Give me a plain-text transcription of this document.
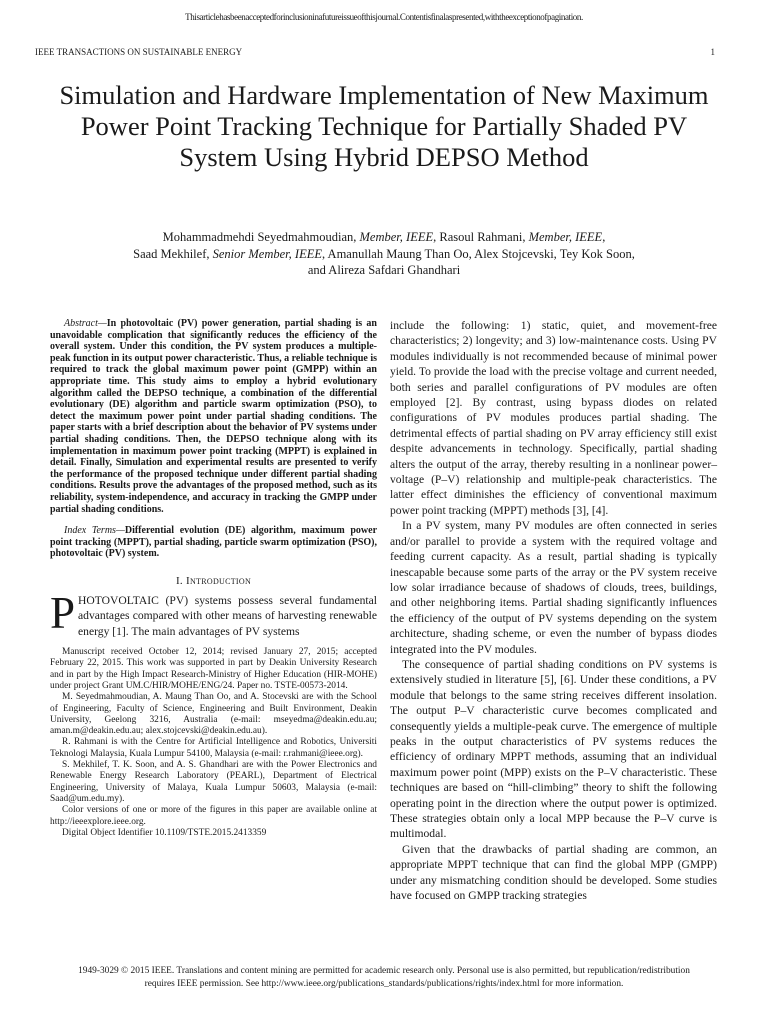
Thisarticlehasbeenacceptedforinclusioninafutureissueofthisjournal.Contentisfinalaspresented,withtheexceptionofpagination.
IEEE TRANSACTIONS ON SUSTAINABLE ENERGY	1
Simulation and Hardware Implementation of New Maximum Power Point Tracking Technique for Partially Shaded PV System Using Hybrid DEPSO Method
Mohammadmehdi Seyedmahmoudian, Member, IEEE, Rasoul Rahmani, Member, IEEE,
Saad Mekhilef, Senior Member, IEEE, Amanullah Maung Than Oo, Alex Stojcevski, Tey Kok Soon,
and Alireza Safdari Ghandhari

Abstract—In photovoltaic (PV) power generation, partial shading is an unavoidable complication that significantly reduces the efficiency of the overall system. Under this condition, the PV system produces a multiple-peak function in its output power characteristic. Thus, a reliable technique is required to track the global maximum power point (GMPP) within an appropriate time. This study aims to employ a hybrid evolutionary algorithm called the DEPSO technique, a combination of the differential evolutionary (DE) algorithm and particle swarm optimization (PSO), to detect the maximum power point under partial shading conditions. The paper starts with a brief description about the behavior of PV systems under partial shading conditions. Then, the DEPSO technique along with its implementation in maximum power point tracking (MPPT) is explained in detail. Finally, Simulation and experimental results are presented to verify the performance of the proposed technique under different partial shading conditions. Results prove the advantages of the proposed method, such as its reliability, system-independence, and accuracy in tracking the GMPP under partial shading conditions.

Index Terms—Differential evolution (DE) algorithm, maximum power point tracking (MPPT), partial shading, particle swarm optimization (PSO), photovoltaic (PV) system.

I. Introduction

PHOTOVOLTAIC (PV) systems possess several fundamental advantages compared with other means of harvesting renewable energy [1]. The main advantages of PV systems

Manuscript received October 12, 2014; revised January 27, 2015; accepted February 22, 2015. This work was supported in part by Deakin University Research and in part by the High Impact Research-Ministry of Higher Education (HIR-MOHE) under project Grant UM.C/HIR/MOHE/ENG/24. Paper no. TSTE-00573-2014.

M. Seyedmahmoudian, A. Maung Than Oo, and A. Stocevski are with the School of Engineering, Faculty of Science, Engineering and Built Environment, Deakin University, Geelong 3216, Australia (e-mail: mseyedma@deakin.edu.au; aman.m@deakin.edu.au; alex.stojcevski@deakin.edu.au).

R. Rahmani is with the Centre for Artificial Intelligence and Robotics, Universiti Teknologi Malaysia, Kuala Lumpur 54100, Malaysia (e-mail: r.rahmani@ieee.org).

S. Mekhilef, T. K. Soon, and A. S. Ghandhari are with the Power Electronics and Renewable Energy Research Laboratory (PEARL), Department of Electrical Engineering, University of Malaya, Kuala Lumpur 50603, Malaysia (e-mail: Saad@um.edu.my).

Color versions of one or more of the figures in this paper are available online at http://ieeexplore.ieee.org.

Digital Object Identifier 10.1109/TSTE.2015.2413359

include the following: 1) static, quiet, and movement-free characteristics; 2) longevity; and 3) low-maintenance costs. Using PV modules individually is not recommended because of minimal power yield. To provide the load with the precise voltage and current needed, both series and parallel configurations of PV modules are often employed [2]. By contrast, using bypass diodes on related configurations of PV modules produces partial shading. The detrimental effects of partial shading on PV array efficiency still exist despite advancements in technology. Specifically, partial shading alters the output of the array, thereby resulting in a nonlinear power–voltage (P–V) relationship and multiple-peak characteristics. The latter effect diminishes the efficiency of conventional maximum power point tracking (MPPT) methods [3], [4].

In a PV system, many PV modules are often connected in series and/or parallel to provide a system with the required voltage and feeding current capacity. As a result, partial shading is typically inescapable because some parts of the array or the PV system receive low solar irradiance because of shadows of clouds, trees, buildings, and other neighboring items. Partial shading significantly influences the efficiency of the output of PV systems depending on the system architecture, shading scheme, or even the number of bypass diodes integrated into the PV modules.

The consequence of partial shading conditions on PV systems is extensively studied in literature [5], [6]. Under these conditions, a PV module that belongs to the same string receives different insolation. The output P–V characteristic curve becomes complicated and consequently yields a multiple-peak curve. The emergence of multiple peaks in the output characteristics of PV systems reduces the efficiency of ordinary MPPT methods, assuming that an individual maximum power point (MPP) exists on the P–V characteristic. These techniques are based on “hill-climbing” theory to shift the following operating point in the direction where the output power is optimized. These strategies obtain only a local MPP because the P–V curve is multimodal.

Given that the drawbacks of partial shading are common, an appropriate MPPT technique that can find the global MPP (GMPP) under any mismatching condition should be developed. Some studies have focused on GMPP tracking strategies

1949-3029 © 2015 IEEE. Translations and content mining are permitted for academic research only. Personal use is also permitted, but republication/redistribution
requires IEEE permission. See http://www.ieee.org/publications_standards/publications/rights/index.html for more information.
